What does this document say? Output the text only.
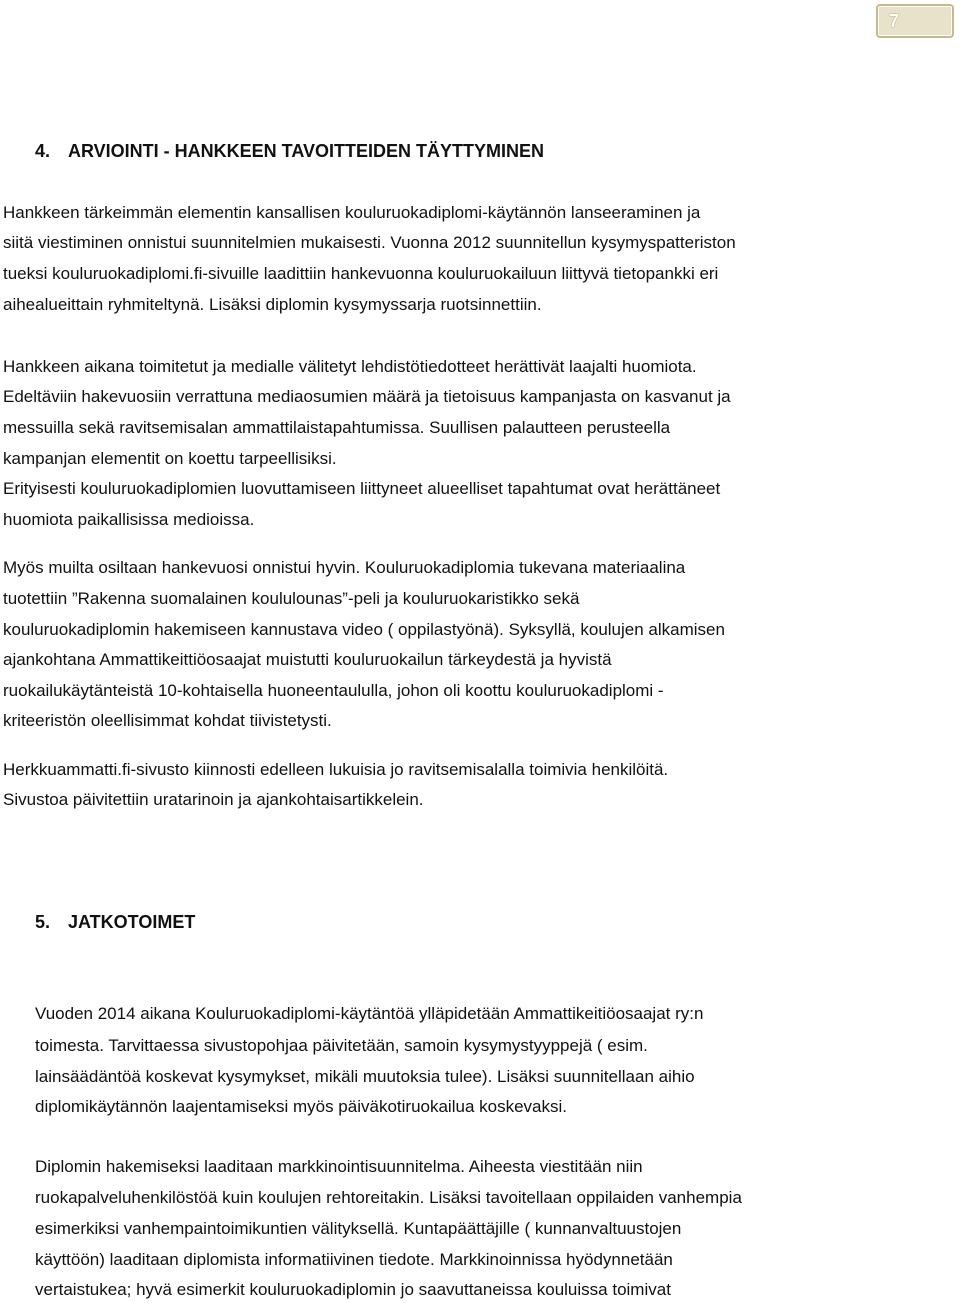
7
4. ARVIOINTI - HANKKEEN TAVOITTEIDEN TÄYTTYMINEN
Hankkeen tärkeimmän elementin kansallisen kouluruokadiplomi-käytännön lanseeraminen ja
siitä viestiminen onnistui suunnitelmien mukaisesti. Vuonna 2012 suunnitellun kysymyspatteriston
tueksi kouluruokadiplomi.fi-sivuille laadittiin hankevuonna kouluruokailuun liittyvä tietopankki eri
aihealueittain ryhmiteltynä. Lisäksi diplomin kysymyssarja ruotsinnettiin.
Hankkeen aikana toimitetut ja medialle välitetyt lehdistötiedotteet herättivät laajalti huomiota.
Edeltäviin hakevuosiin verrattuna mediaosumien määrä ja tietoisuus kampanjasta on kasvanut ja
messuilla sekä ravitsemisalan ammattilaistapahtumissa. Suullisen palautteen perusteella
kampanjan elementit on koettu tarpeellisiksi.
Erityisesti kouluruokadiplomien luovuttamiseen liittyneet alueelliset tapahtumat ovat herättäneet
huomiota paikallisissa medioissa.
Myös muilta osiltaan hankevuosi onnistui hyvin. Kouluruokadiplomia tukevana materiaalina
tuotettiin ”Rakenna suomalainen koululounas”-peli ja kouluruokaristikko sekä
kouluruokadiplomin hakemiseen kannustava video ( oppilastyönä). Syksyllä, koulujen alkamisen
ajankohtana Ammattikeittiöosaajat muistutti kouluruokailun tärkeydestä ja hyvistä
ruokailukäytänteistä 10-kohtaisella huoneentaululla, johon oli koottu kouluruokadiplomi -
kriteeristön oleellisimmat kohdat tiivistetysti.
Herkkuammatti.fi-sivusto kiinnosti edelleen lukuisia jo ravitsemisalalla toimivia henkilöitä.
Sivustoa päivitettiin uratarinoin ja ajankohtaisartikkelein.
5. JATKOTOIMET
Vuoden 2014 aikana Kouluruokadiplomi-käytäntöä ylläpidetään Ammattikeitiöosaajat ry:n
toimesta. Tarvittaessa sivustopohjaa päivitetään, samoin kysymystyyppejä ( esim.
lainsäädäntöä koskevat kysymykset, mikäli muutoksia tulee). Lisäksi suunnitellaan aihio
diplomikäytännön laajentamiseksi myös päiväkotiruokailua koskevaksi.
Diplomin hakemiseksi laaditaan markkinointisuunnitelma. Aiheesta viestitään niin
ruokapalveluhenkilöstöä kuin koulujen rehtoreitakin. Lisäksi tavoitellaan oppilaiden vanhempia
esimerkiksi vanhempaintoimikuntien välityksellä. Kuntapäättäjille ( kunnanvaltuustojen
käyttöön) laaditaan diplomista informatiivinen tiedote. Markkinoinnissa hyödynnetään
vertaistukea; hyvä esimerkit kouluruokadiplomin jo saavuttaneissa kouluissa toimivat
